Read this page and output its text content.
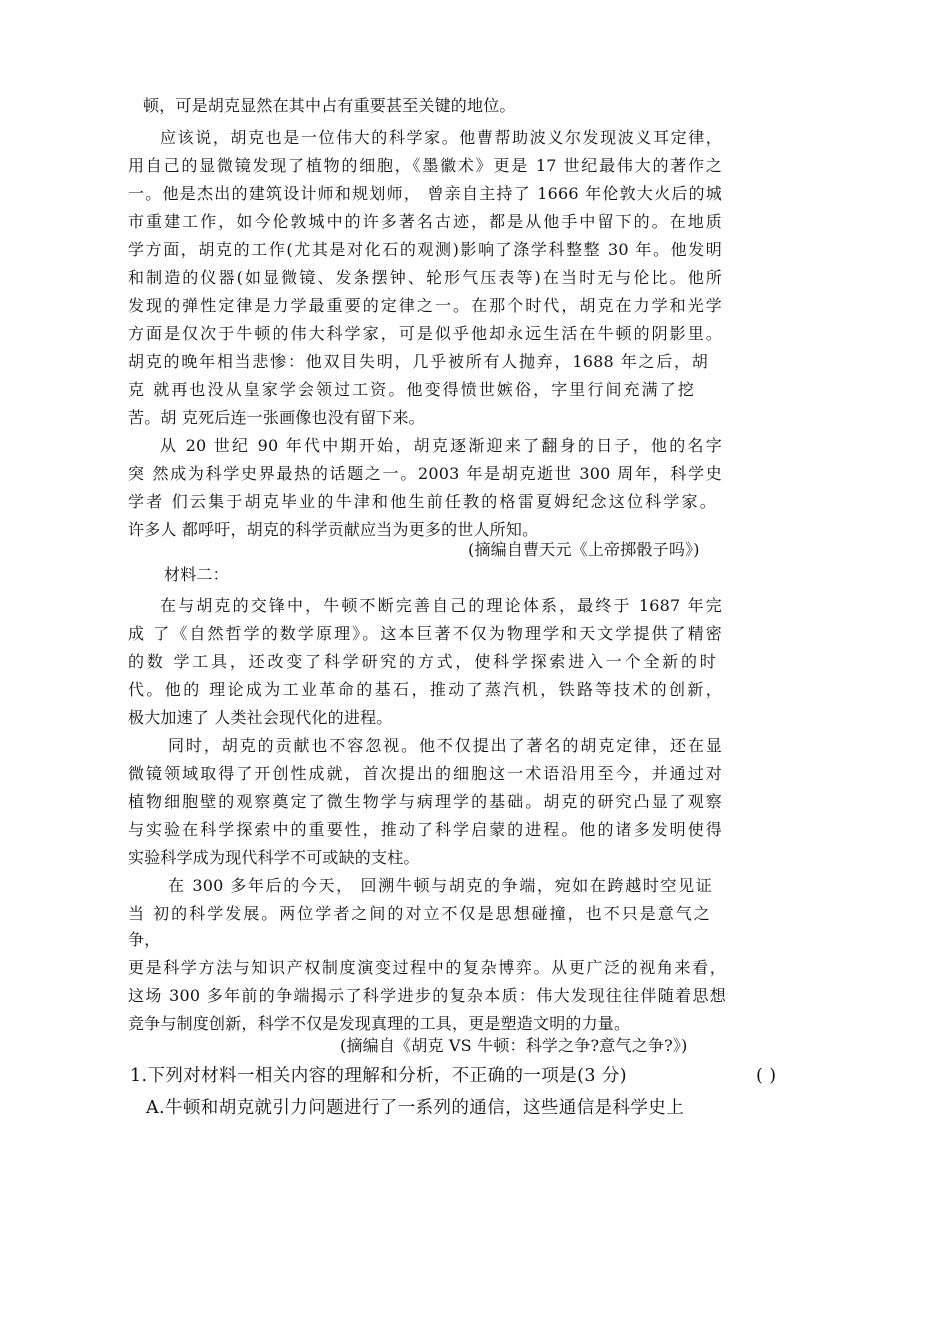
顿，可是胡克显然在其中占有重要甚至关键的地位。
应该说，胡克也是一位伟大的科学家。他曹帮助波义尔发现波义耳定律，
用自己的显微镜发现了植物的细胞，《墨徽术》更是 17 世纪最伟大的著作之
一。他是杰出的建筑设计师和规划师， 曾亲自主持了 1666 年伦敦大火后的城
市重建工作，如今伦敦城中的许多著名古迹，都是从他手中留下的。在地质
学方面，胡克的工作(尤其是对化石的观测)影响了涤学科整整 30 年。他发明
和制造的仪器(如显微镜、发条摆钟、轮形气压表等)在当时无与伦比。他所
发现的弹性定律是力学最重要的定律之一。在那个时代，胡克在力学和光学
方面是仅次于牛顿的伟大科学家，可是似乎他却永远生活在牛顿的阴影里。
胡克的晚年相当悲惨：他双目失明，几乎被所有人抛弃，1688 年之后，胡
克 就再也没从皇家学会领过工资。他变得愤世嫉俗，字里行间充满了挖
苦。胡 克死后连一张画像也没有留下来。
从 20 世纪 90 年代中期开始，胡克逐渐迎来了翻身的日子，他的名字
突 然成为科学史界最热的话题之一。2003 年是胡克逝世 300 周年，科学史
学者 们云集于胡克毕业的牛津和他生前任教的格雷夏姆纪念这位科学家。
许多人 都呼吁，胡克的科学贡献应当为更多的世人所知。
(摘编自曹天元《上帝掷骰子吗》)
材料二：
在与胡克的交锋中，牛顿不断完善自己的理论体系，最终于 1687 年完
成 了《自然哲学的数学原理》。这本巨著不仅为物理学和天文学提供了精密
的数 学工具，还改变了科学研究的方式，使科学探索进入一个全新的时
代。他的 理论成为工业革命的基石，推动了蒸汽机，铁路等技术的创新，
极大加速了 人类社会现代化的进程。
同时，胡克的贡献也不容忽视。他不仅提出了著名的胡克定律，还在显
微镜领域取得了开创性成就，首次提出的细胞这一术语沿用至今，并通过对
植物细胞壁的观察奠定了微生物学与病理学的基础。胡克的研究凸显了观察
与实验在科学探索中的重要性，推动了科学启蒙的进程。他的诸多发明使得
实验科学成为现代科学不可或缺的支柱。
在 300 多年后的今天， 回溯牛顿与胡克的争端，宛如在跨越时空见证
当 初的科学发展。两位学者之间的对立不仅是思想碰撞，也不只是意气之
争，
更是科学方法与知识产权制度演变过程中的复杂博弈。从更广泛的视角来看，
这场 300 多年前的争端揭示了科学进步的复杂本质：伟大发现往往伴随着思想
竞争与制度创新，科学不仅是发现真理的工具，更是塑造文明的力量。
(摘编自《胡克 VS 牛顿：科学之争?意气之争?》)
1.下列对材料一相关内容的理解和分析，不正确的一项是(3 分)	( )
A.牛顿和胡克就引力问题进行了一系列的通信，这些通信是科学史上
